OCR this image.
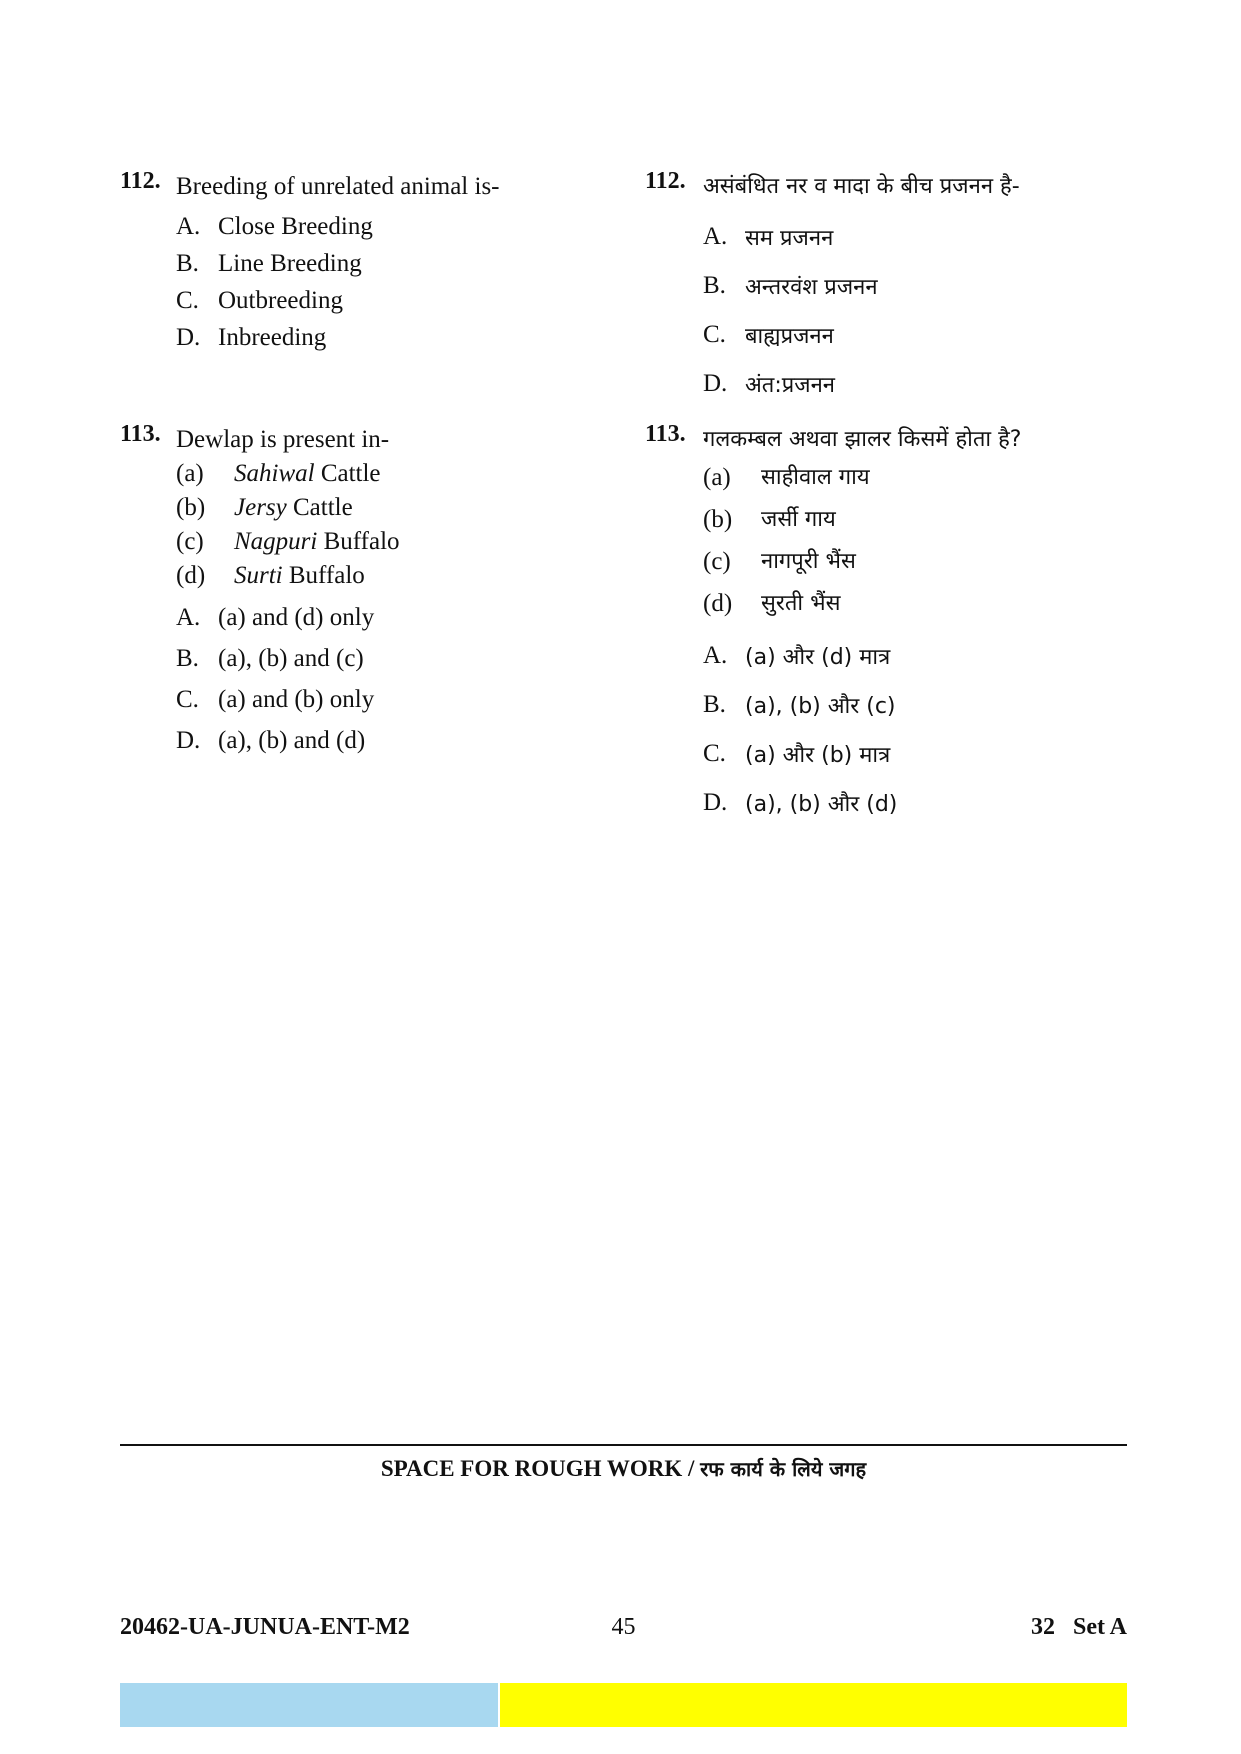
112. Breeding of unrelated animal is-
A. Close Breeding
B. Line Breeding
C. Outbreeding
D. Inbreeding
113. Dewlap is present in-
(a)	Sahiwal Cattle
(b)	Jersy Cattle
(c)	Nagpuri Buffalo
(d)	Surti Buffalo
A. (a) and (d) only
B. (a), (b) and (c)
C. (a) and (b) only
D. (a), (b) and (d)
112. असंबंधित नर व मादा के बीच प्रजनन है-
A. सम प्रजनन
B. अन्तरवंश प्रजनन
C. बाह्यप्रजनन
D. अंत:प्रजनन
113. गलकम्बल अथवा झालर किसमें होता है?
(a)	साहीवाल गाय
(b)	जर्सी गाय
(c)	नागपूरी भैंस
(d)	सुरती भैंस
A. (a) और (d) मात्र
B. (a), (b) और (c)
C. (a) और (b) मात्र
D. (a), (b) और (d)
SPACE FOR ROUGH WORK / रफ कार्य के लिये जगह
20462-UA-JUNUA-ENT-M2	45	32   Set A
